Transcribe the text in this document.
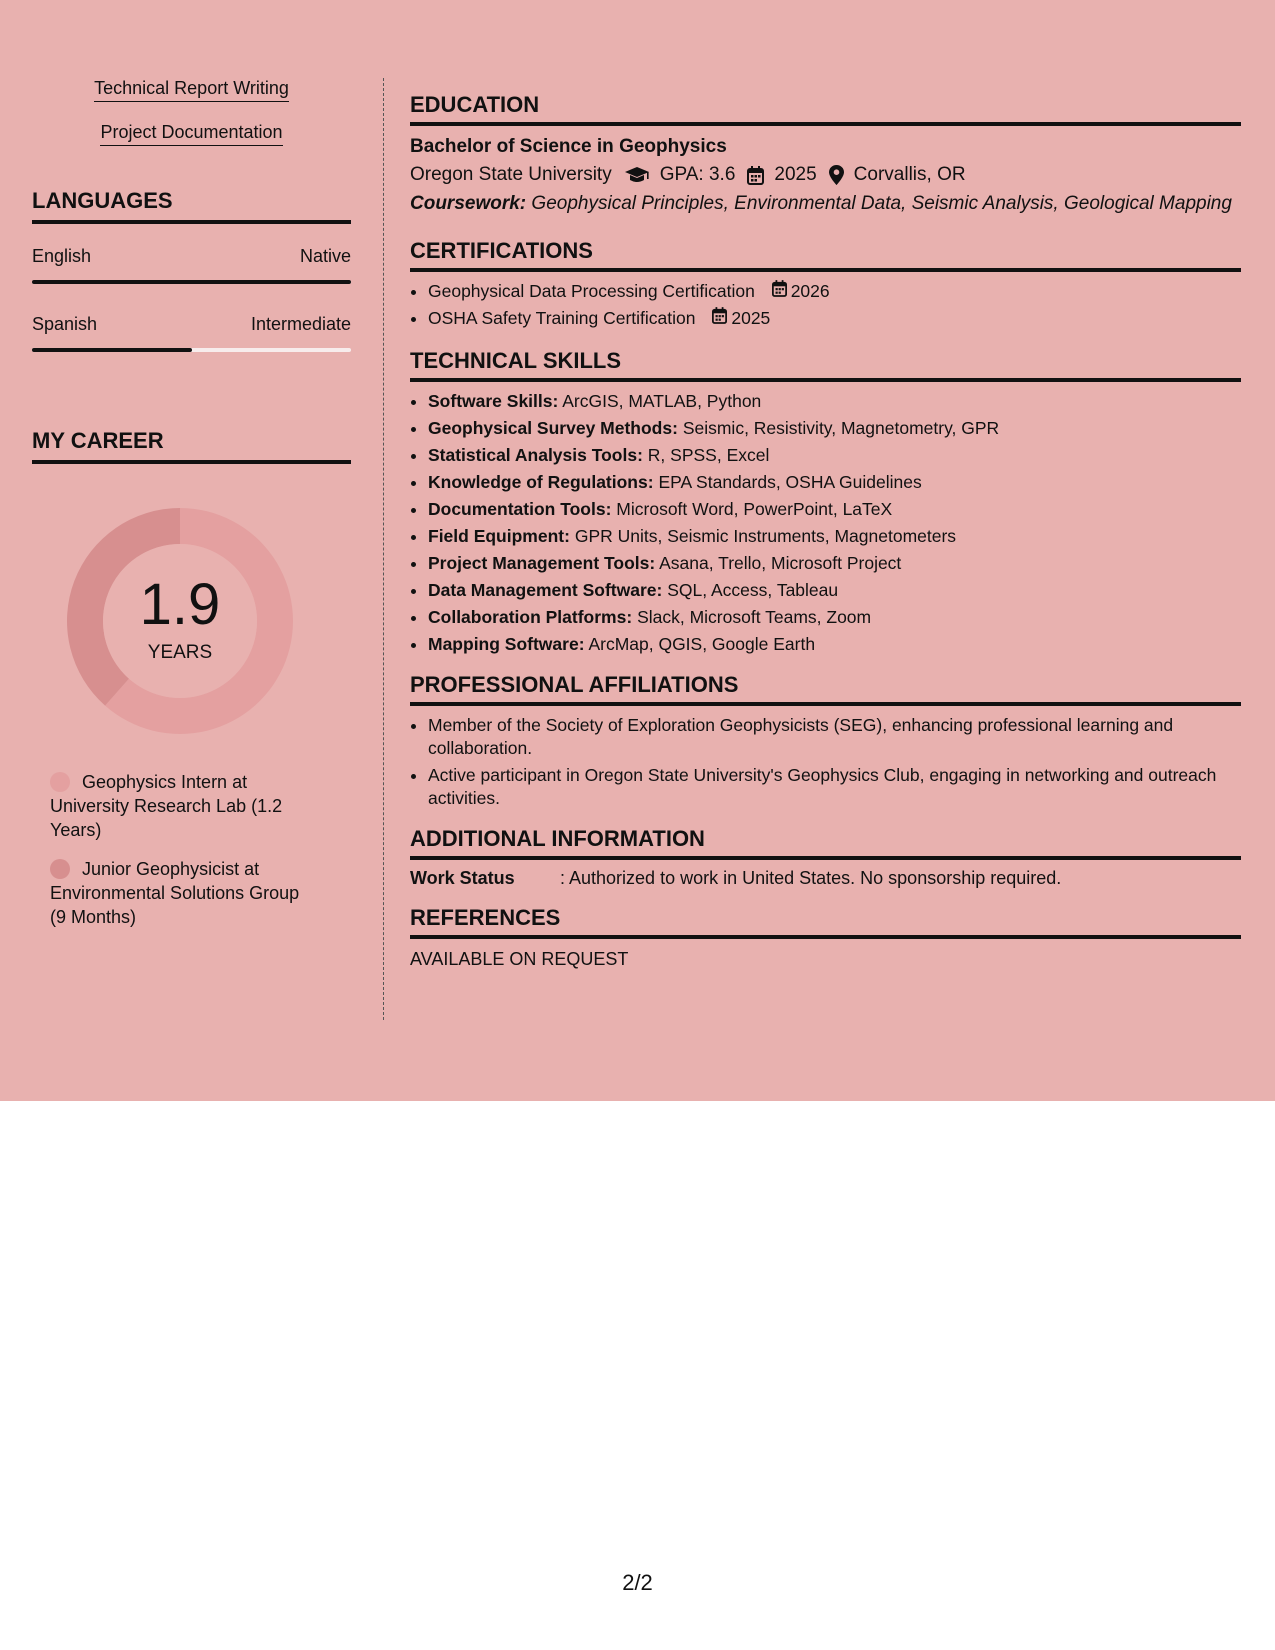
Technical Report Writing
Project Documentation
LANGUAGES
English	Native
Spanish	Intermediate
MY CAREER
1.9
YEARS
Geophysics Intern at University Research Lab (1.2 Years)
Junior Geophysicist at Environmental Solutions Group (9 Months)
EDUCATION
Bachelor of Science in Geophysics
Oregon State University	GPA: 3.6 2025 Corvallis, OR
Coursework: Geophysical Principles, Environmental Data, Seismic Analysis, Geological Mapping
CERTIFICATIONS
• Geophysical Data Processing Certification 2026
• OSHA Safety Training Certification 2025
TECHNICAL SKILLS
• Software Skills: ArcGIS, MATLAB, Python
• Geophysical Survey Methods: Seismic, Resistivity, Magnetometry, GPR
• Statistical Analysis Tools: R, SPSS, Excel
• Knowledge of Regulations: EPA Standards, OSHA Guidelines
• Documentation Tools: Microsoft Word, PowerPoint, LaTeX
• Field Equipment: GPR Units, Seismic Instruments, Magnetometers
• Project Management Tools: Asana, Trello, Microsoft Project
• Data Management Software: SQL, Access, Tableau
• Collaboration Platforms: Slack, Microsoft Teams, Zoom
• Mapping Software: ArcMap, QGIS, Google Earth
PROFESSIONAL AFFILIATIONS
• Member of the Society of Exploration Geophysicists (SEG), enhancing professional learning and collaboration.
• Active participant in Oregon State University's Geophysics Club, engaging in networking and outreach activities.
ADDITIONAL INFORMATION
Work Status	: Authorized to work in United States. No sponsorship required.
REFERENCES
AVAILABLE ON REQUEST
2/2
